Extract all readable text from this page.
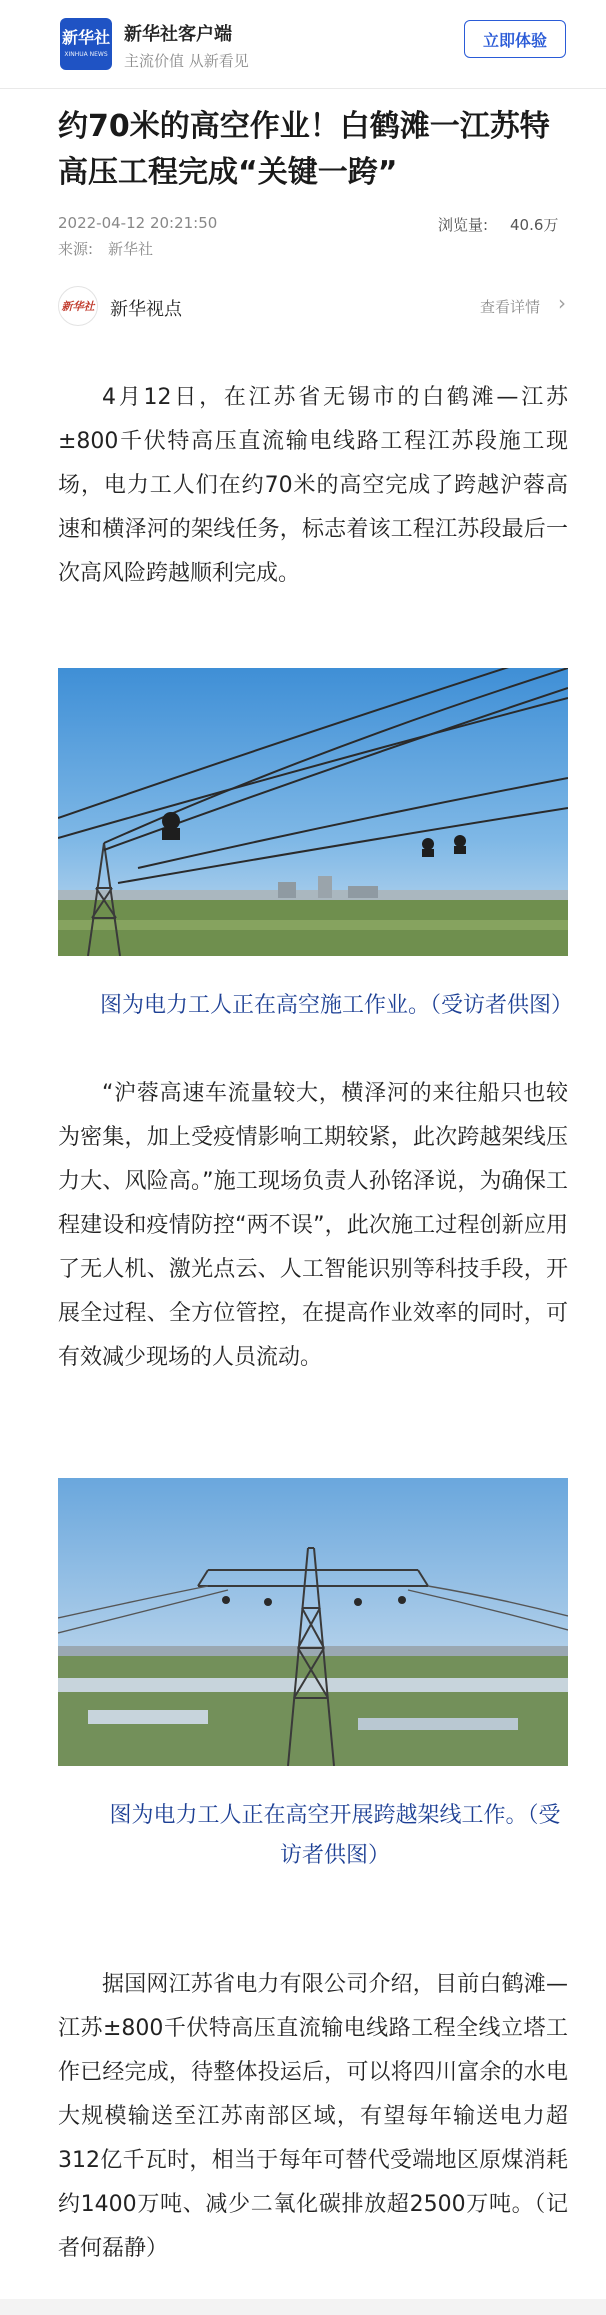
新华社
XINHUA NEWS
新华社客户端
主流价值 从新看见
立即体验
约70米的高空作业！白鹤滩一江苏特高压工程完成“关键一跨”
2022-04-12 20:21:50
来源: 新华社
浏览量: 40.6万
新华社 新华视点	查看详情 ›

4月12日，在江苏省无锡市的白鹤滩—江苏±800千伏特高压直流输电线路工程江苏段施工现场，电力工人们在约70米的高空完成了跨越沪蓉高速和横泽河的架线任务，标志着该工程江苏段最后一次高风险跨越顺利完成。

图为电力工人正在高空施工作业。（受访者供图）

“沪蓉高速车流量较大，横泽河的来往船只也较为密集，加上受疫情影响工期较紧，此次跨越架线压力大、风险高。”施工现场负责人孙铭泽说，为确保工程建设和疫情防控“两不误”，此次施工过程创新应用了无人机、激光点云、人工智能识别等科技手段，开展全过程、全方位管控，在提高作业效率的同时，可有效减少现场的人员流动。

图为电力工人正在高空开展跨越架线工作。（受访者供图）

据国网江苏省电力有限公司介绍，目前白鹤滩—江苏±800千伏特高压直流输电线路工程全线立塔工作已经完成，待整体投运后，可以将四川富余的水电大规模输送至江苏南部区域，有望每年输送电力超312亿千瓦时，相当于每年可替代受端地区原煤消耗约1400万吨、减少二氧化碳排放超2500万吨。（记者何磊静）
